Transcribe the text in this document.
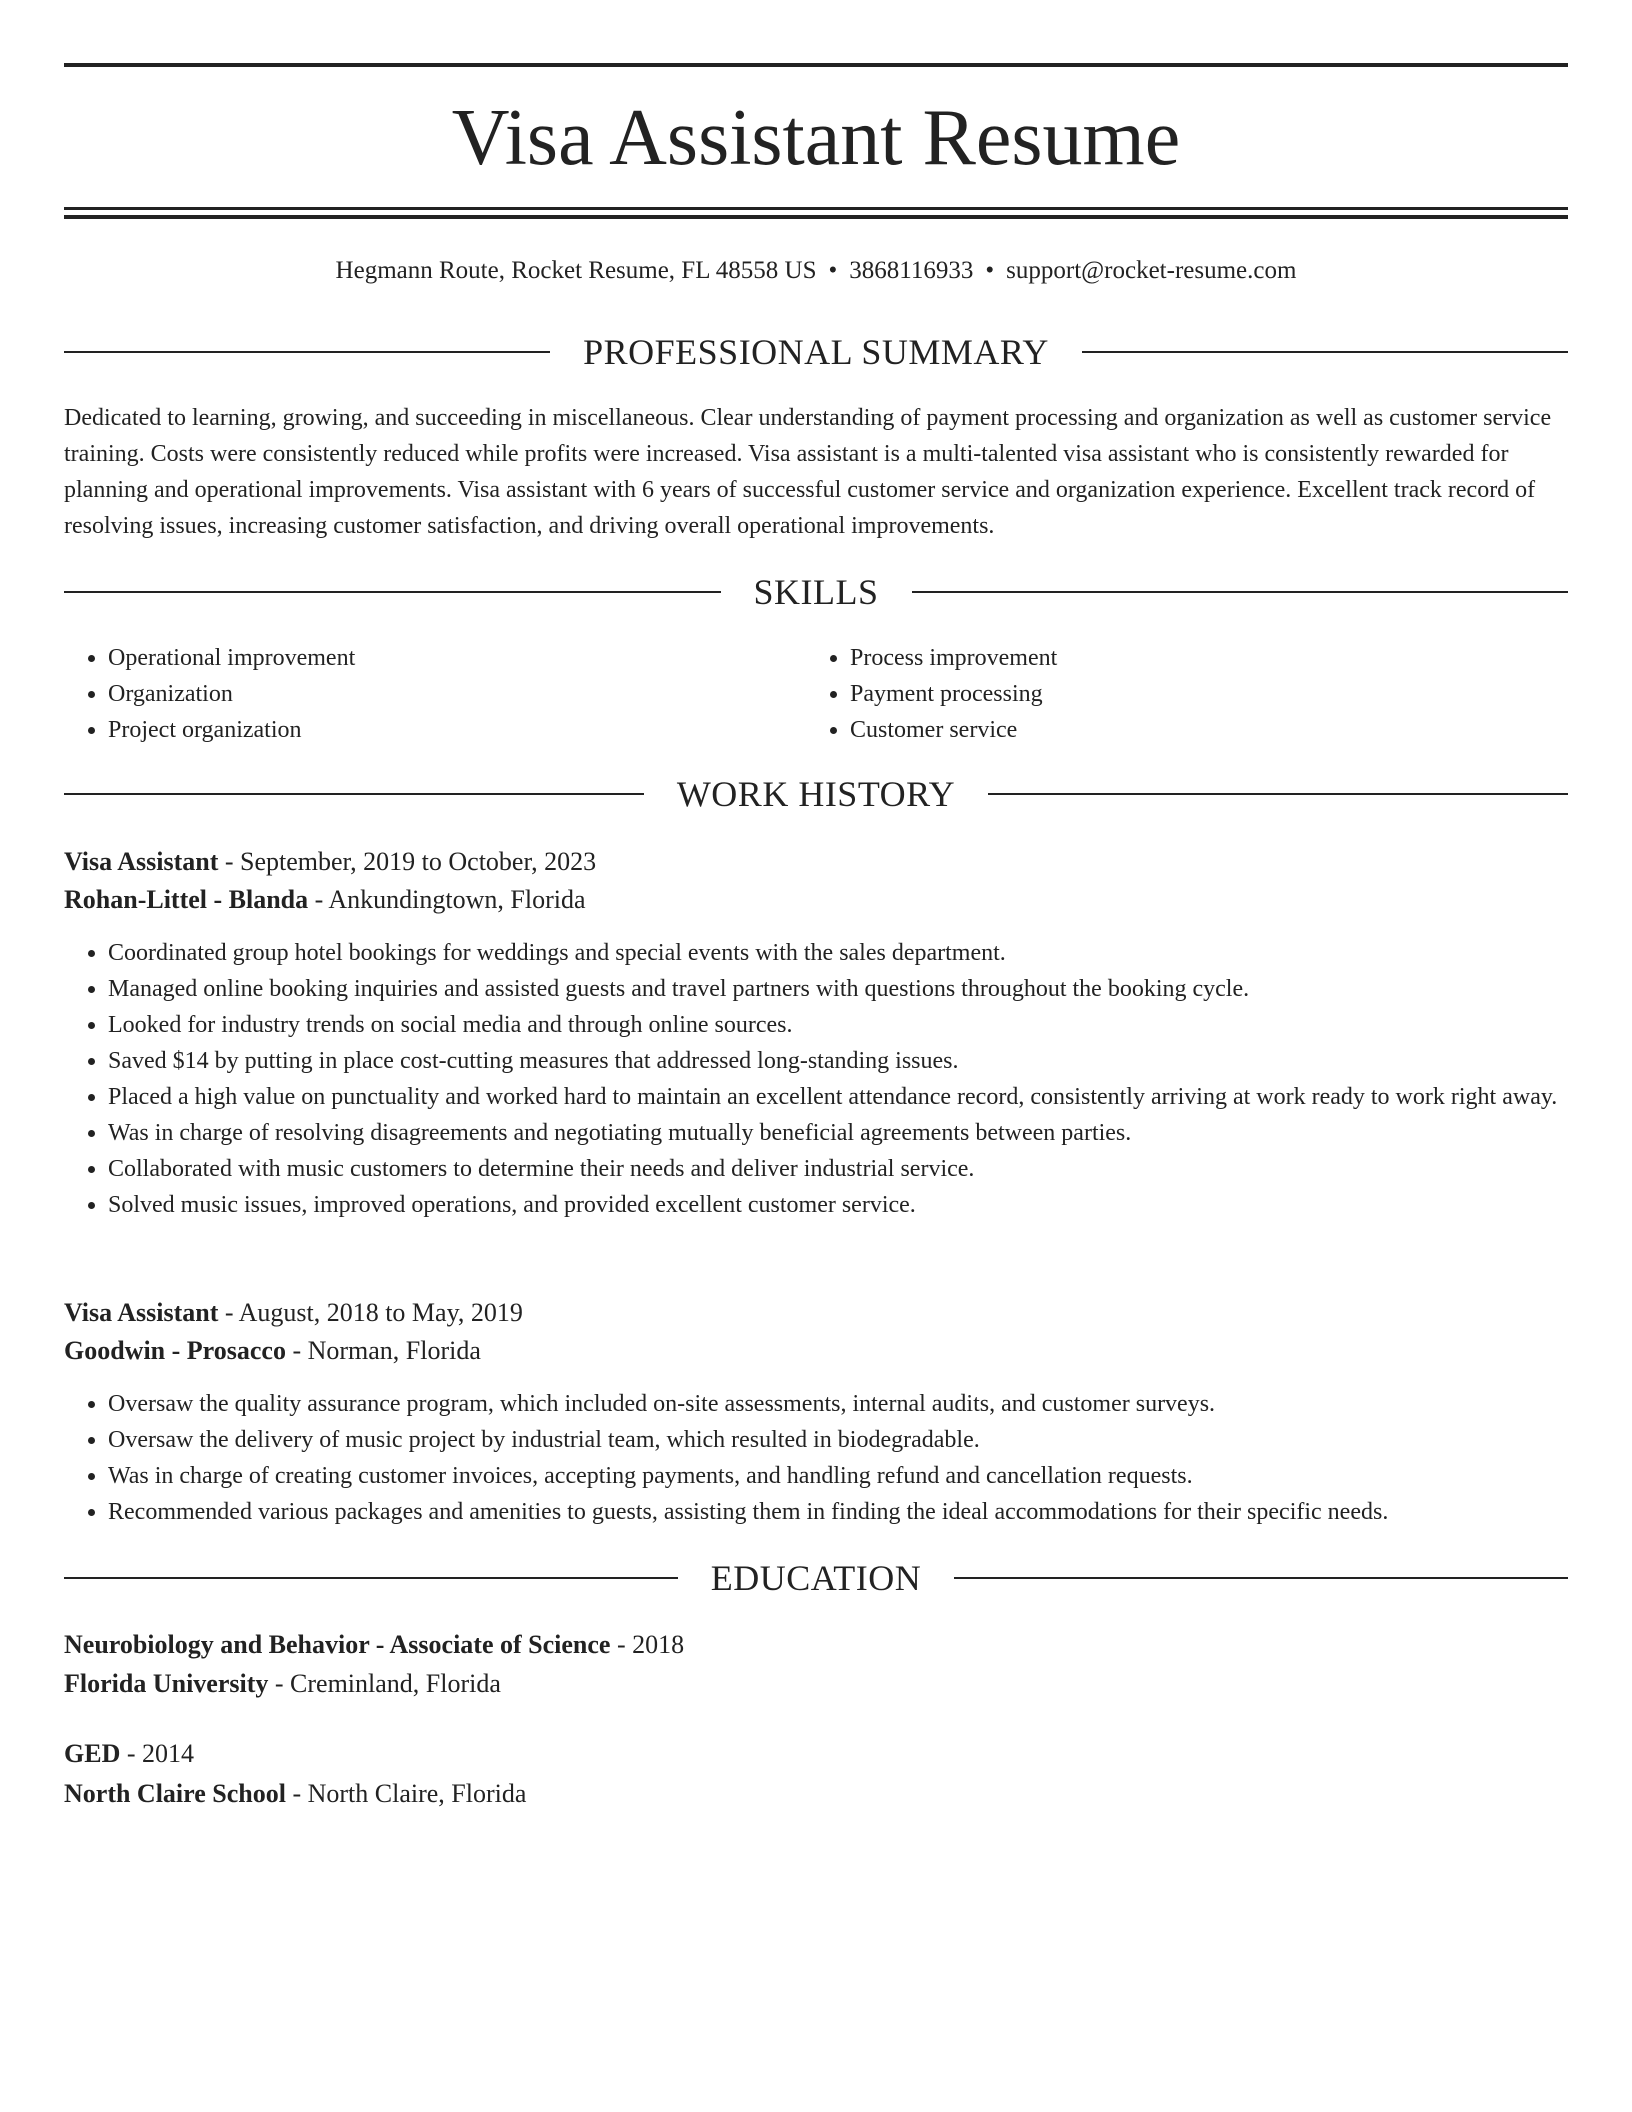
Visa Assistant Resume
Hegmann Route, Rocket Resume, FL 48558 US • 3868116933 • support@rocket-resume.com
PROFESSIONAL SUMMARY

Dedicated to learning, growing, and succeeding in miscellaneous. Clear understanding of payment processing and organization as well as customer service training. Costs were consistently reduced while profits were increased. Visa assistant is a multi-talented visa assistant who is consistently rewarded for planning and operational improvements. Visa assistant with 6 years of successful customer service and organization experience. Excellent track record of resolving issues, increasing customer satisfaction, and driving overall operational improvements.

SKILLS
• Operational improvement
• Organization
• Project organization
• Process improvement
• Payment processing
• Customer service
WORK HISTORY
Visa Assistant - September, 2019 to October, 2023
Rohan-Littel - Blanda - Ankundingtown, Florida
• Coordinated group hotel bookings for weddings and special events with the sales department.
• Managed online booking inquiries and assisted guests and travel partners with questions throughout the booking cycle.
• Looked for industry trends on social media and through online sources.
• Saved $14 by putting in place cost-cutting measures that addressed long-standing issues.
• Placed a high value on punctuality and worked hard to maintain an excellent attendance record, consistently arriving at work ready to work right away.
• Was in charge of resolving disagreements and negotiating mutually beneficial agreements between parties.
• Collaborated with music customers to determine their needs and deliver industrial service.
• Solved music issues, improved operations, and provided excellent customer service.
Visa Assistant - August, 2018 to May, 2019
Goodwin - Prosacco - Norman, Florida
• Oversaw the quality assurance program, which included on-site assessments, internal audits, and customer surveys.
• Oversaw the delivery of music project by industrial team, which resulted in biodegradable.
• Was in charge of creating customer invoices, accepting payments, and handling refund and cancellation requests.
• Recommended various packages and amenities to guests, assisting them in finding the ideal accommodations for their specific needs.
EDUCATION
Neurobiology and Behavior - Associate of Science - 2018
Florida University - Creminland, Florida
GED - 2014
North Claire School - North Claire, Florida
